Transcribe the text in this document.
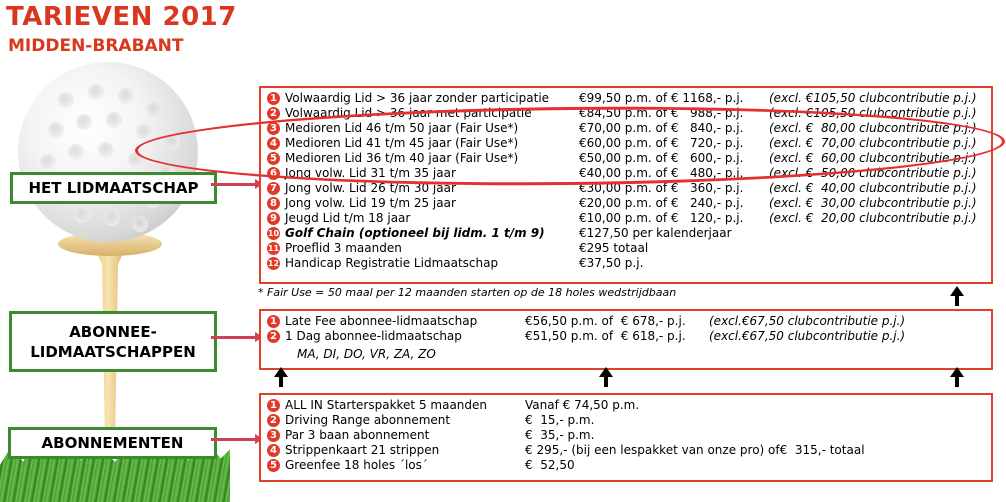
TARIEVEN 2017
MIDDEN-BRABANT
HET LIDMAATSCHAP
ABONNEE-
LIDMAATSCHAPPEN
ABONNEMENTEN
1 Volwaardig Lid > 36 jaar zonder participatie €99,50 p.m. of € 1168,- p.j. (excl. €105,50 clubcontributie p.j.)
2 Volwaardig Lid > 36 jaar met participatie	€84,50 p.m. of €   988,- p.j. (excl. €105,50 clubcontributie p.j.)
3 Medioren Lid 46 t/m 50 jaar (Fair Use*)	€70,00 p.m. of €   840,- p.j. (excl. €  80,00 clubcontributie p.j.)
4 Medioren Lid 41 t/m 45 jaar (Fair Use*)	€60,00 p.m. of €   720,- p.j. (excl. €  70,00 clubcontributie p.j.)
5 Medioren Lid 36 t/m 40 jaar (Fair Use*)	€50,00 p.m. of €   600,- p.j. (excl. €  60,00 clubcontributie p.j.)
6 Jong volw. Lid 31 t/m 35 jaar	€40,00 p.m. of €   480,- p.j. (excl. €  50,00 clubcontributie p.j.)
7 Jong volw. Lid 26 t/m 30 jaar	€30,00 p.m. of €   360,- p.j. (excl. €  40,00 clubcontributie p.j.)
8 Jong volw. Lid 19 t/m 25 jaar	€20,00 p.m. of €   240,- p.j. (excl. €  30,00 clubcontributie p.j.)
9 Jeugd Lid t/m 18 jaar	€10,00 p.m. of €   120,- p.j. (excl. €  20,00 clubcontributie p.j.)
10 Golf Chain (optioneel bij lidm. 1 t/m 9)	€127,50 per kalenderjaar
11 Proeflid 3 maanden	€295 totaal
12 Handicap Registratie Lidmaatschap	€37,50 p.j.
* Fair Use = 50 maal per 12 maanden starten op de 18 holes wedstrijdbaan
1 Late Fee abonnee-lidmaatschap	€56,50 p.m. of  € 678,- p.j. (excl.€67,50 clubcontributie p.j.)
2 1 Dag abonnee-lidmaatschap	€51,50 p.m. of  € 618,- p.j. (excl.€67,50 clubcontributie p.j.)
MA, DI, DO, VR, ZA, ZO
1 ALL IN Starterspakket 5 maanden	Vanaf € 74,50 p.m.
2 Driving Range abonnement	€  15,- p.m.
3 Par 3 baan abonnement	€  35,- p.m.
4 Strippenkaart 21 strippen	€ 295,- (bij een lespakket van onze pro) of€  315,- totaal
5 Greenfee 18 holes ´los´	€  52,50
